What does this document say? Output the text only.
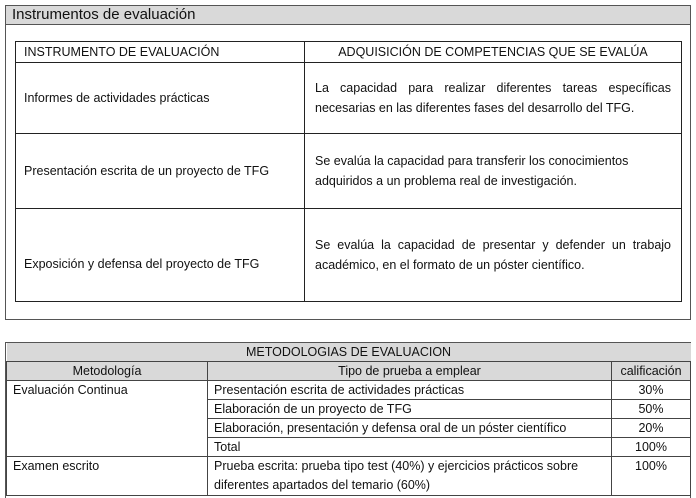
Instrumentos de evaluación
INSTRUMENTO DE EVALUACIÓN	ADQUISICIÓN DE COMPETENCIAS QUE SE EVALÚA
Informes de actividades prácticas	La capacidad para realizar diferentes tareas específicas necesarias en las diferentes fases del desarrollo del TFG.
Presentación escrita de un proyecto de TFG	Se evalúa la capacidad para transferir los conocimientos adquiridos a un problema real de investigación.
Exposición y defensa del proyecto de TFG	Se evalúa la capacidad de presentar y defender un trabajo académico, en el formato de un póster científico.
METODOLOGIAS DE EVALUACION		
Metodología	Tipo de prueba a emplear	calificación
Evaluación Continua	Presentación escrita de actividades prácticas	30%
	Elaboración de un proyecto de TFG	50%
	Elaboración, presentación y defensa oral de un póster científico	20%
	Total	100%
Examen escrito	Prueba escrita: prueba tipo test (40%) y ejercicios prácticos sobre diferentes apartados del temario (60%)	100%
